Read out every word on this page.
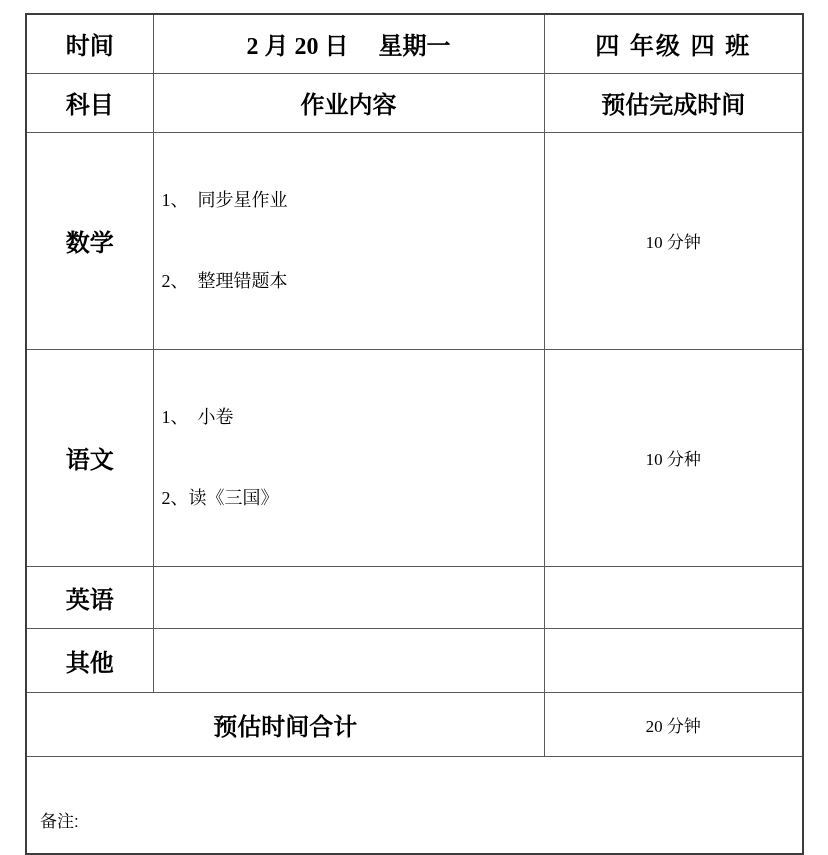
时间	2 月 20 日     星期一	四 年级 四 班
科目	作业内容	预估完成时间
数学	1、  同步星作业

2、  整理错题本	10 分钟
语文	1、  小卷

2、读《三国》	10 分种
英语		
其他		
预估时间合计		20 分钟
备注:		
